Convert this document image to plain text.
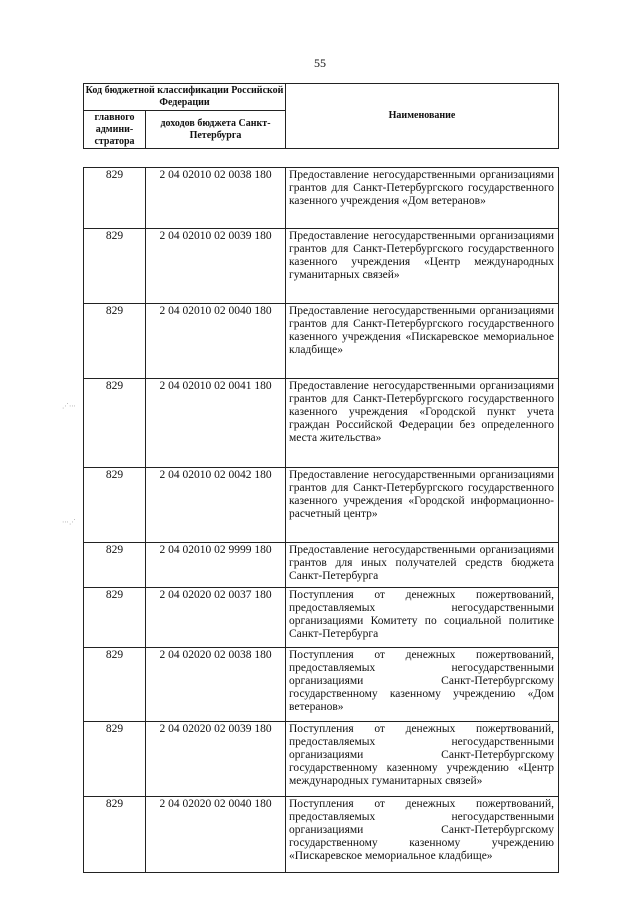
55
Код бюджетной классификации Российской Федерации		Наименование
главного админи-стратора	доходов бюджета Санкт-Петербурга	
829	2 04 02010 02 0038 180	Предоставление негосударственными организациями грантов для Санкт-Петербургского государственного казенного учреждения «Дом ветеранов»
829	2 04 02010 02 0039 180	Предоставление негосударственными организациями грантов для Санкт-Петербургского государственного казенного учреждения «Центр международных гуманитарных связей»
829	2 04 02010 02 0040 180	Предоставление негосударственными организациями грантов для Санкт-Петербургского государственного казенного учреждения «Пискаревское мемориальное кладбище»
829	2 04 02010 02 0041 180	Предоставление негосударственными организациями грантов для Санкт-Петербургского государственного казенного учреждения «Городской пункт учета граждан Российской Федерации без определенного места жительства»
829	2 04 02010 02 0042 180	Предоставление негосударственными организациями грантов для Санкт-Петербургского государственного казенного учреждения «Городской информационно-расчетный центр»
829	2 04 02010 02 9999 180	Предоставление негосударственными организациями грантов для иных получателей средств бюджета Санкт-Петербурга
829	2 04 02020 02 0037 180	Поступления от денежных пожертвований, предоставляемых негосударственными организациями Комитету по социальной политике Санкт-Петербурга
829	2 04 02020 02 0038 180	Поступления от денежных пожертвований, предоставляемых негосударственными организациями Санкт-Петербургскому государственному казенному учреждению «Дом ветеранов»
829	2 04 02020 02 0039 180	Поступления от денежных пожертвований, предоставляемых негосударственными организациями Санкт-Петербургскому государственному казенному учреждению «Центр международных гуманитарных связей»
829	2 04 02020 02 0040 180	Поступления от денежных пожертвований, предоставляемых негосударственными организациями Санкт-Петербургскому государственному казенному учреждению «Пискаревское мемориальное кладбище»
⋰⋯
⋯⋰
